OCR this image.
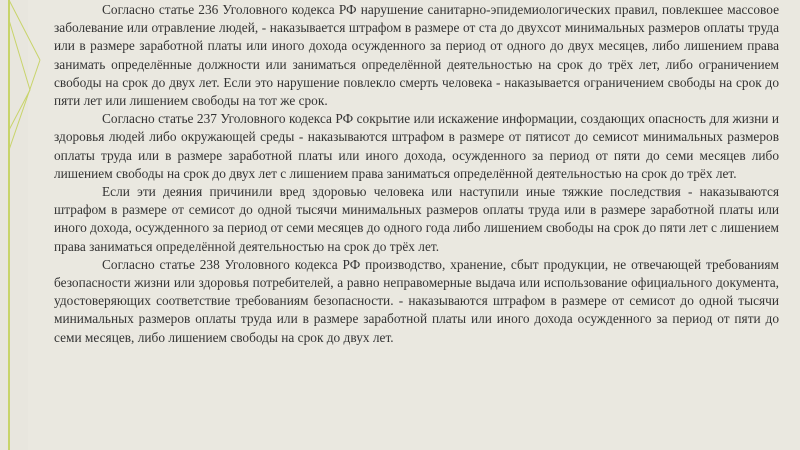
Согласно статье 236 Уголовного кодекса РФ нарушение санитарно-эпидемиологических правил, повлекшее массовое заболевание или отравление людей, - наказывается штрафом в размере от ста до двухсот минимальных размеров оплаты труда или в размере заработной платы или иного дохода осужденного за период от одного до двух месяцев, либо лишением права занимать определённые должности или заниматься определённой деятельностью на срок до трёх лет, либо ограничением свободы на срок до двух лет. Если это нарушение повлекло смерть человека - наказывается ограничением свободы на срок до пяти лет или лишением свободы на тот же срок.

Согласно статье 237 Уголовного кодекса РФ сокрытие или искажение информации, создающих опасность для жизни и здоровья людей либо окружающей среды - наказываются штрафом в размере от пятисот до семисот минимальных размеров оплаты труда или в размере заработной платы или иного дохода, осужденного за период от пяти до семи месяцев либо лишением свободы на срок до двух лет с лишением права заниматься определённой деятельностью на срок до трёх лет.

Если эти деяния причинили вред здоровью человека или наступили иные тяжкие последствия - наказываются штрафом в размере от семисот до одной тысячи минимальных размеров оплаты труда или в размере заработной платы или иного дохода, осужденного за период от семи месяцев до одного года либо лишением свободы на срок до пяти лет с лишением права заниматься определённой деятельностью на срок до трёх лет.

Согласно статье 238 Уголовного кодекса РФ производство, хранение, сбыт продукции, не отвечающей требованиям безопасности жизни или здоровья потребителей, а равно неправомерные выдача или использование официального документа, удостоверяющих соответствие требованиям безопасности. - наказываются штрафом в размере от семисот до одной тысячи минимальных размеров оплаты труда или в размере заработной платы или иного дохода осужденного за период от пяти до семи месяцев, либо лишением свободы на срок до двух лет.
